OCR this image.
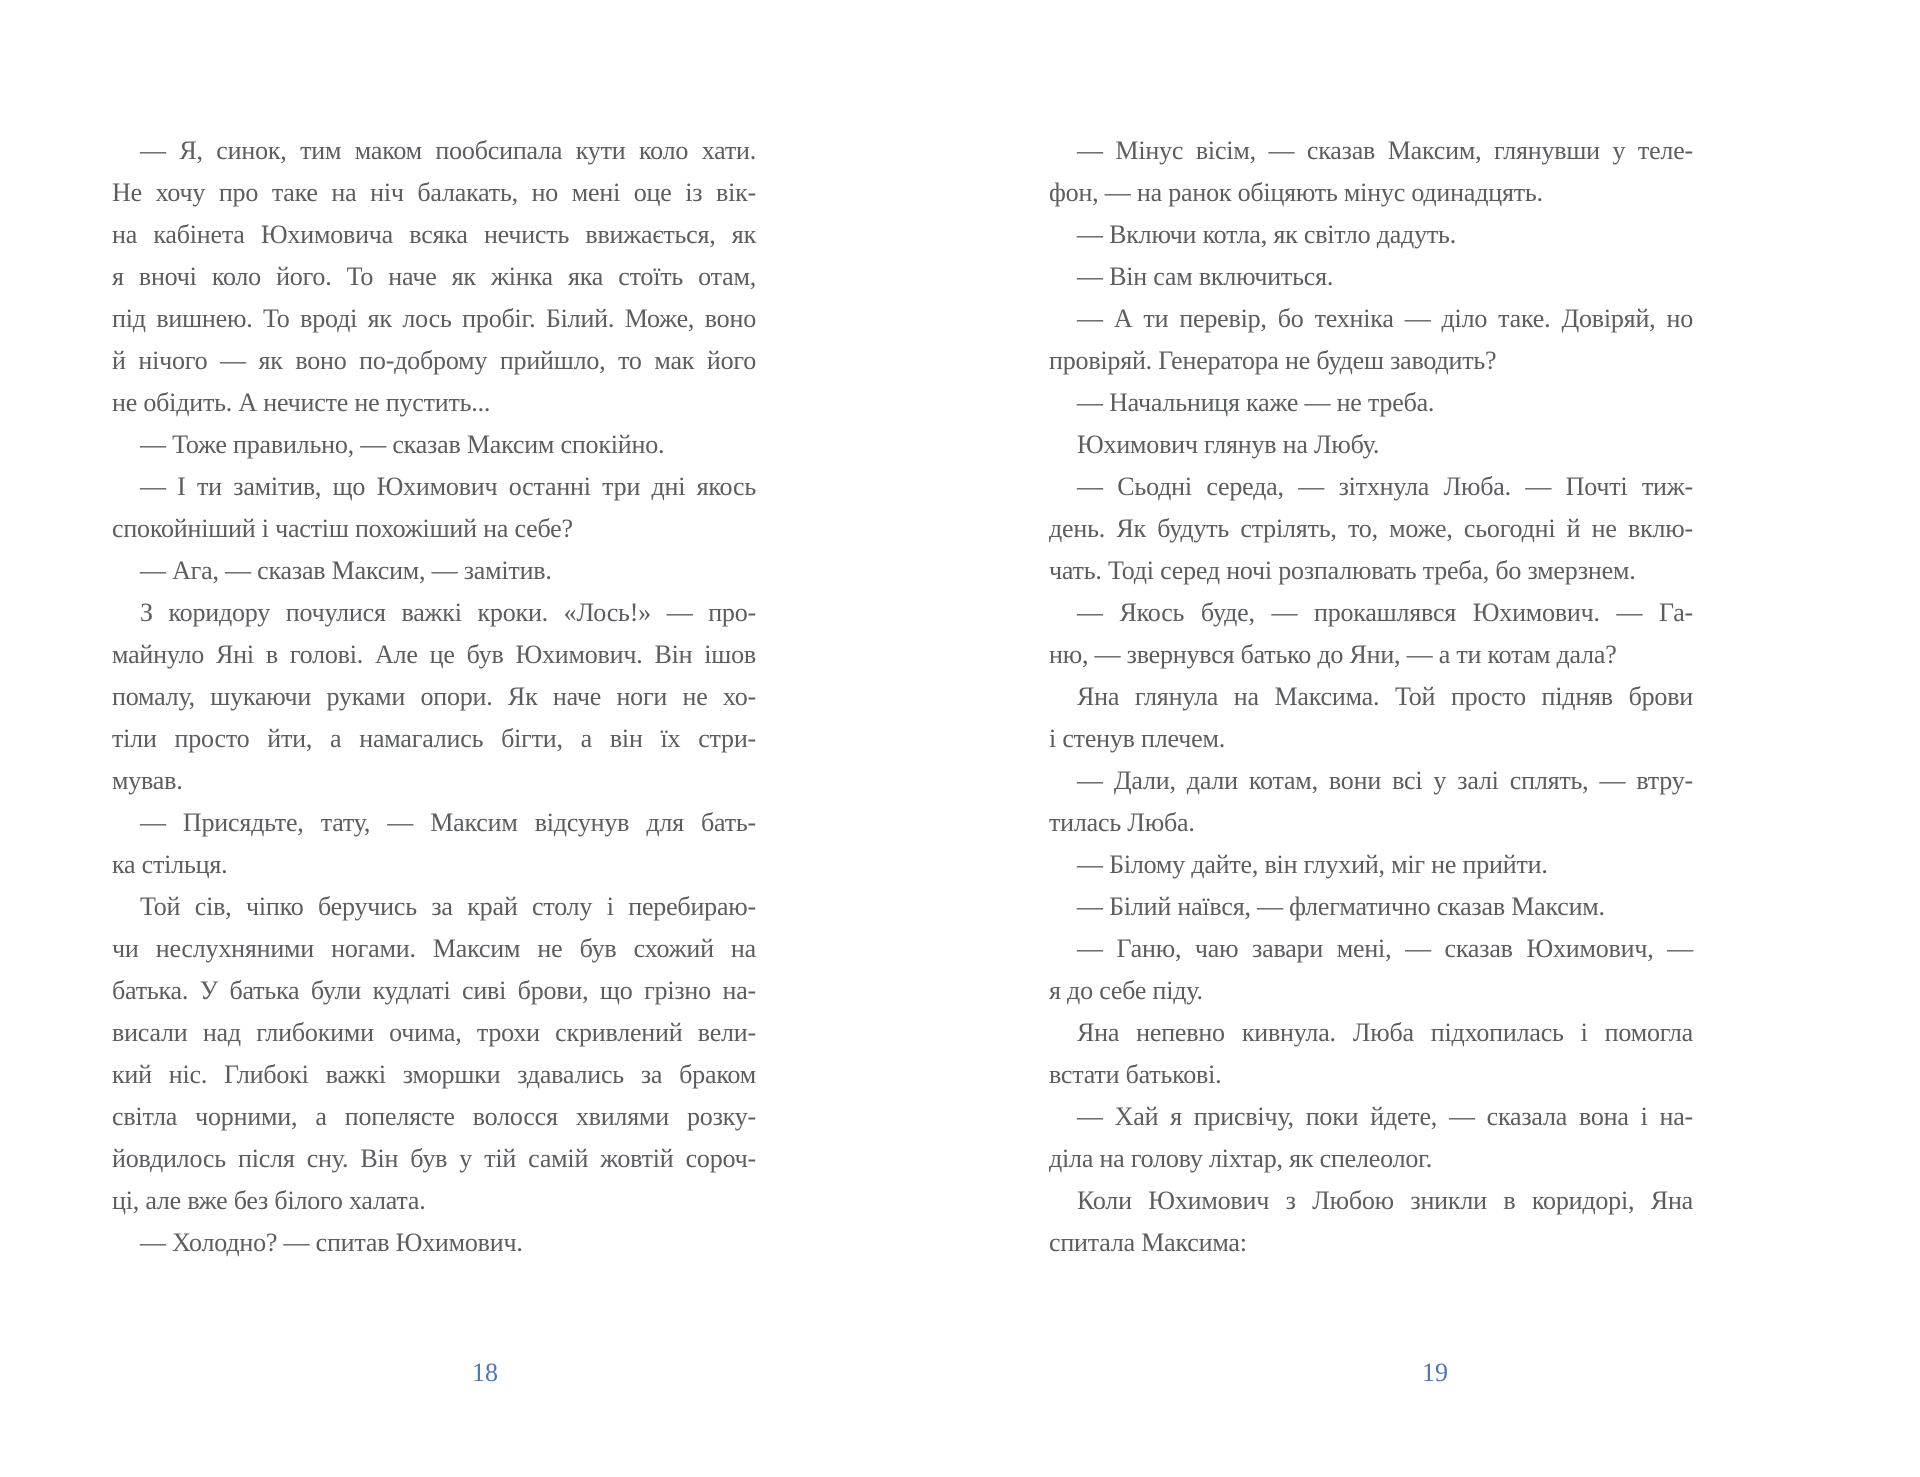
— Я, синок, тим маком пообсипала кути коло хати.
Не хочу про таке на ніч балакать, но мені оце із вік-
на кабінета Юхимовича всяка нечисть ввижається, як
я вночі коло його. То наче як жінка яка стоїть отам,
під вишнею. То вроді як лось пробіг. Білий. Може, воно
й нічого — як воно по-доброму прийшло, то мак його
не обідить. А нечисте не пустить...
— Тоже правильно, — сказав Максим спокійно.
— І ти замітив, що Юхимович останні три дні якось
спокойніший і частіш похожіший на себе?
— Ага, — сказав Максим, — замітив.
З коридору почулися важкі кроки. «Лось!» — про-
майнуло Яні в голові. Але це був Юхимович. Він ішов
помалу, шукаючи руками опори. Як наче ноги не хо-
тіли просто йти, а намагались бігти, а він їх стри-
мував.
— Присядьте, тату, — Максим відсунув для бать-
ка стільця.
Той сів, чіпко беручись за край столу і перебираю-
чи неслухняними ногами. Максим не був схожий на
батька. У батька були кудлаті сиві брови, що грізно на-
висали над глибокими очима, трохи скривлений вели-
кий ніс. Глибокі важкі зморшки здавались за браком
світла чорними, а попелясте волосся хвилями розку-
йовдилось після сну. Він був у тій самій жовтій сороч-
ці, але вже без білого халата.
— Холодно? — спитав Юхимович.
18
— Мінус вісім, — сказав Максим, глянувши у теле-
фон, — на ранок обіцяють мінус одинадцять.
— Включи котла, як світло дадуть.
— Він сам включиться.
— А ти перевір, бо техніка — діло таке. Довіряй, но
провіряй. Генератора не будеш заводить?
— Начальниця каже — не треба.
Юхимович глянув на Любу.
— Сьодні середа, — зітхнула Люба. — Почті тиж-
день. Як будуть стрілять, то, може, сьогодні й не вклю-
чать. Тоді серед ночі розпалювать треба, бо змерзнем.
— Якось буде, — прокашлявся Юхимович. — Га-
ню, — звернувся батько до Яни, — а ти котам дала?
Яна глянула на Максима. Той просто підняв брови
і стенув плечем.
— Дали, дали котам, вони всі у залі сплять, — втру-
тилась Люба.
— Білому дайте, він глухий, міг не прийти.
— Білий наївся, — флегматично сказав Максим.
— Ганю, чаю завари мені, — сказав Юхимович, —
я до себе піду.
Яна непевно кивнула. Люба підхопилась і помогла
встати батькові.
— Хай я присвічу, поки йдете, — сказала вона і на-
діла на голову ліхтар, як спелеолог.
Коли Юхимович з Любою зникли в коридорі, Яна
спитала Максима:
19
